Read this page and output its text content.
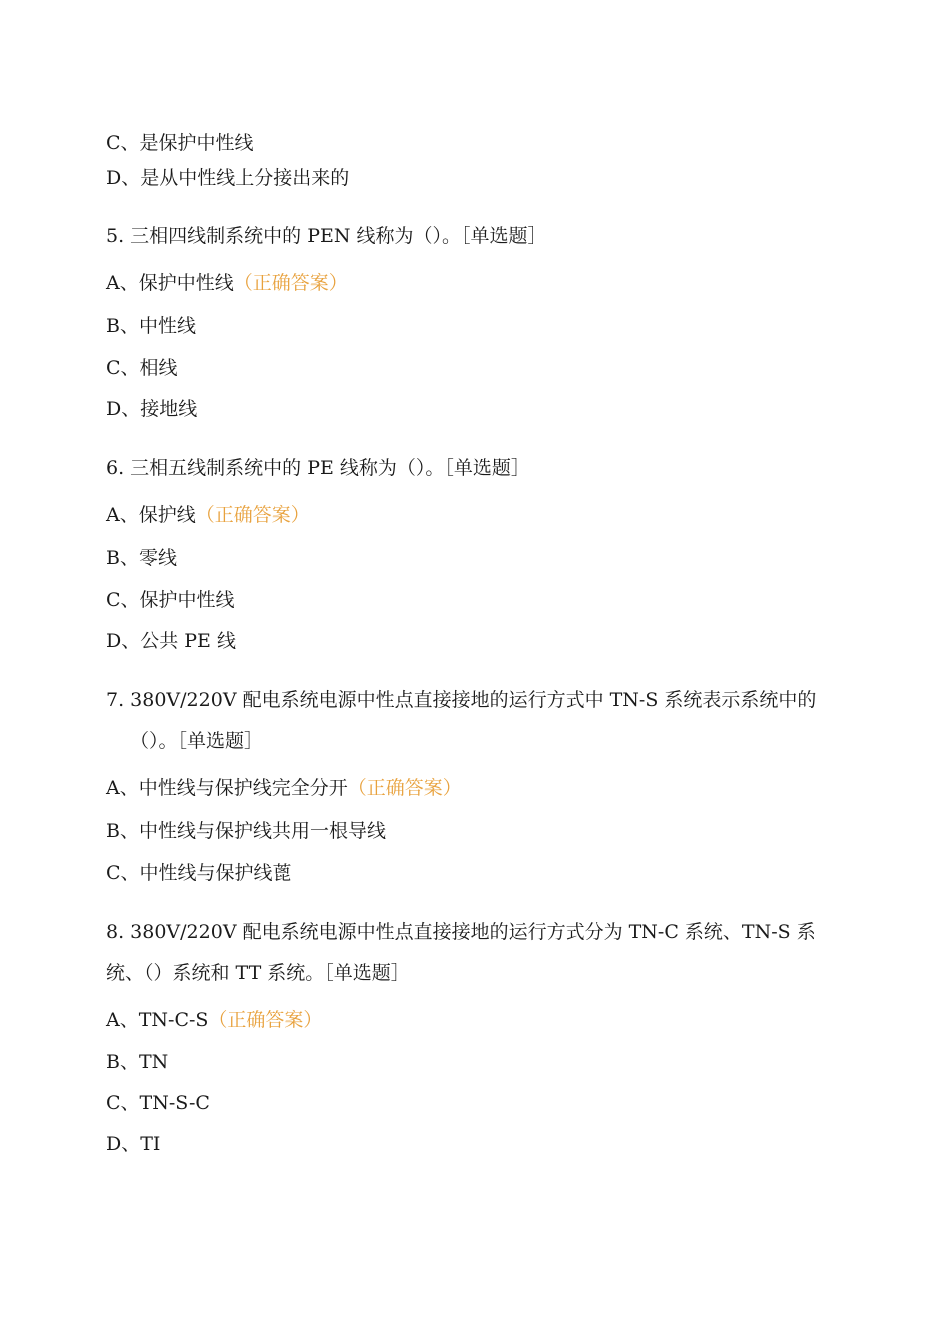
C、是保护中性线
D、是从中性线上分接出来的
5. 三相四线制系统中的 PEN 线称为（）。［单选题］
A、保护中性线（正确答案）
B、中性线
C、相线
D、接地线
6. 三相五线制系统中的 PE 线称为（）。［单选题］
A、保护线（正确答案）
B、零线
C、保护中性线
D、公共 PE 线
7. 380V/220V 配电系统电源中性点直接接地的运行方式中 TN-S 系统表示系统中的
（）。［单选题］
A、中性线与保护线完全分开（正确答案）
B、中性线与保护线共用一根导线
C、中性线与保护线蓖
8. 380V/220V 配电系统电源中性点直接接地的运行方式分为 TN-C 系统、TN-S 系
统、（）系统和 TT 系统。［单选题］
A、TN-C-S（正确答案）
B、TN
C、TN-S-C
D、TI
